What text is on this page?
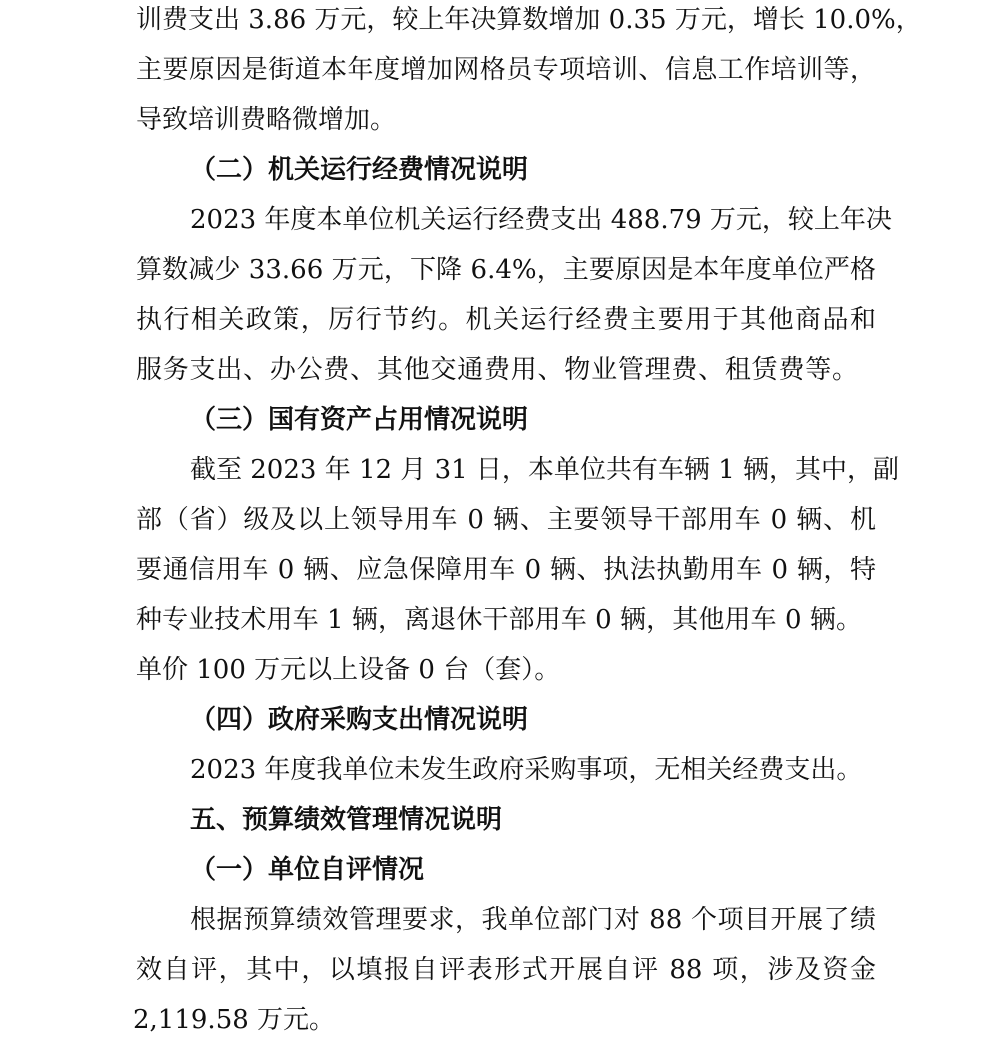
训费支出 3.86 万元，较上年决算数增加 0.35 万元，增长 10.0%，
主要原因是街道本年度增加网格员专项培训、信息工作培训等，
导致培训费略微增加。
（二）机关运行经费情况说明
2023 年度本单位机关运行经费支出 488.79 万元，较上年决
算数减少 33.66 万元，下降 6.4%，主要原因是本年度单位严格
执行相关政策，厉行节约。机关运行经费主要用于其他商品和
服务支出、办公费、其他交通费用、物业管理费、租赁费等。
（三）国有资产占用情况说明
截至 2023 年 12 月 31 日，本单位共有车辆 1 辆，其中，副
部（省）级及以上领导用车 0 辆、主要领导干部用车 0 辆、机
要通信用车 0 辆、应急保障用车 0 辆、执法执勤用车 0 辆，特
种专业技术用车 1 辆，离退休干部用车 0 辆，其他用车 0 辆。
单价 100 万元以上设备 0 台（套）。
（四）政府采购支出情况说明
2023 年度我单位未发生政府采购事项，无相关经费支出。
五、预算绩效管理情况说明
（一）单位自评情况
根据预算绩效管理要求，我单位部门对 88 个项目开展了绩
效自评，其中，以填报自评表形式开展自评 88 项，涉及资金
2,119.58 万元。
